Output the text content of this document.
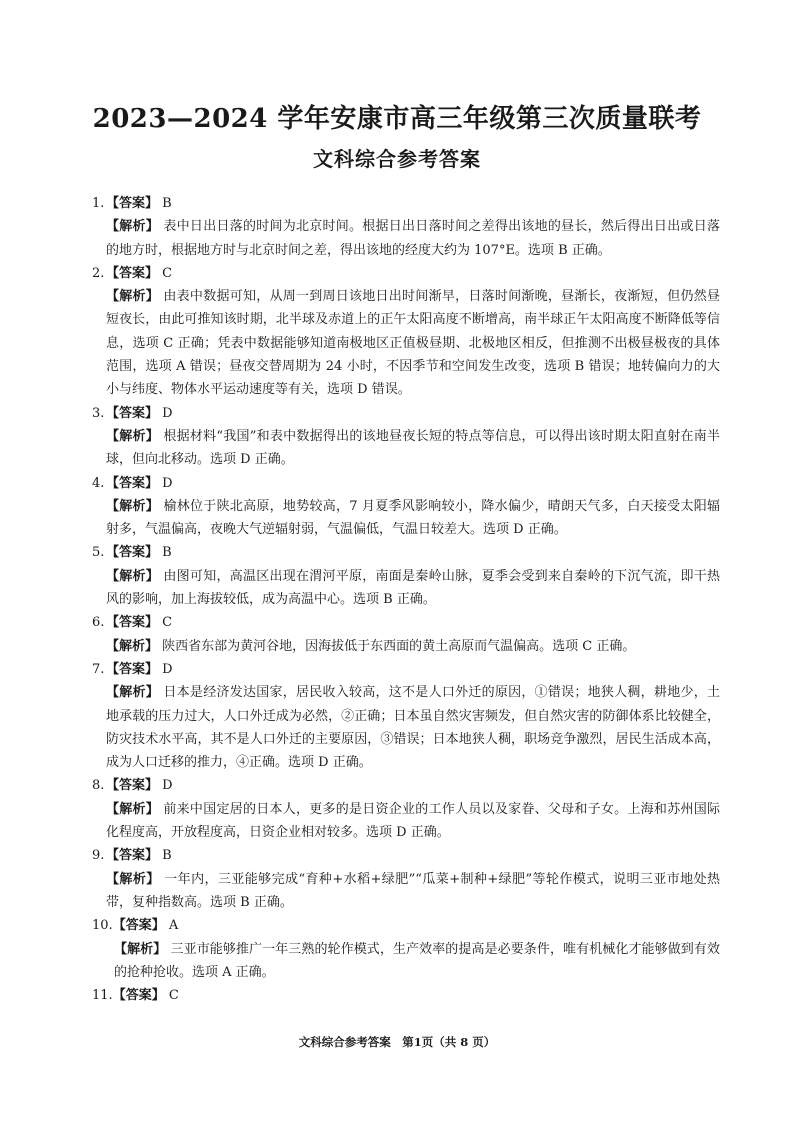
2023—2024 学年安康市高三年级第三次质量联考
文科综合参考答案
1. 【答案】 B
【解析】 表中日出日落的时间为北京时间。根据日出日落时间之差得出该地的昼长，然后得出日出或日落的地方时，根据地方时与北京时间之差，得出该地的经度大约为 107°E。选项 B 正确。
2. 【答案】 C
【解析】 由表中数据可知，从周一到周日该地日出时间渐早，日落时间渐晚，昼渐长，夜渐短，但仍然昼短夜长，由此可推知该时期，北半球及赤道上的正午太阳高度不断增高，南半球正午太阳高度不断降低等信息，选项 C 正确；凭表中数据能够知道南极地区正值极昼期、北极地区相反，但推测不出极昼极夜的具体范围，选项 A 错误；昼夜交替周期为 24 小时，不因季节和空间发生改变，选项 B 错误；地转偏向力的大小与纬度、物体水平运动速度等有关，选项 D 错误。
3. 【答案】 D
【解析】 根据材料“我国”和表中数据得出的该地昼夜长短的特点等信息，可以得出该时期太阳直射在南半球，但向北移动。选项 D 正确。
4. 【答案】 D
【解析】 榆林位于陕北高原，地势较高，7 月夏季风影响较小，降水偏少，晴朗天气多，白天接受太阳辐射多，气温偏高，夜晚大气逆辐射弱，气温偏低，气温日较差大。选项 D 正确。
5. 【答案】 B
【解析】 由图可知，高温区出现在渭河平原，南面是秦岭山脉，夏季会受到来自秦岭的下沉气流，即干热风的影响，加上海拔较低，成为高温中心。选项 B 正确。
6. 【答案】 C
【解析】 陕西省东部为黄河谷地，因海拔低于东西面的黄土高原而气温偏高。选项 C 正确。
7. 【答案】 D
【解析】 日本是经济发达国家，居民收入较高，这不是人口外迁的原因，①错误；地狭人稠，耕地少，土地承载的压力过大，人口外迁成为必然，②正确；日本虽自然灾害频发，但自然灾害的防御体系比较健全，防灾技术水平高，其不是人口外迁的主要原因，③错误；日本地狭人稠，职场竞争激烈，居民生活成本高，成为人口迁移的推力，④正确。选项 D 正确。
8. 【答案】 D
【解析】 前来中国定居的日本人，更多的是日资企业的工作人员以及家眷、父母和子女。上海和苏州国际化程度高，开放程度高，日资企业相对较多。选项 D 正确。
9. 【答案】 B
【解析】 一年内，三亚能够完成“育种+水稻+绿肥”“瓜菜+制种+绿肥”等轮作模式，说明三亚市地处热带，复种指数高。选项 B 正确。
10.【答案】 A
【解析】 三亚市能够推广一年三熟的轮作模式，生产效率的提高是必要条件，唯有机械化才能够做到有效的抢种抢收。选项 A 正确。
11.【答案】 C
文科综合参考答案　第1页（共 8 页）
